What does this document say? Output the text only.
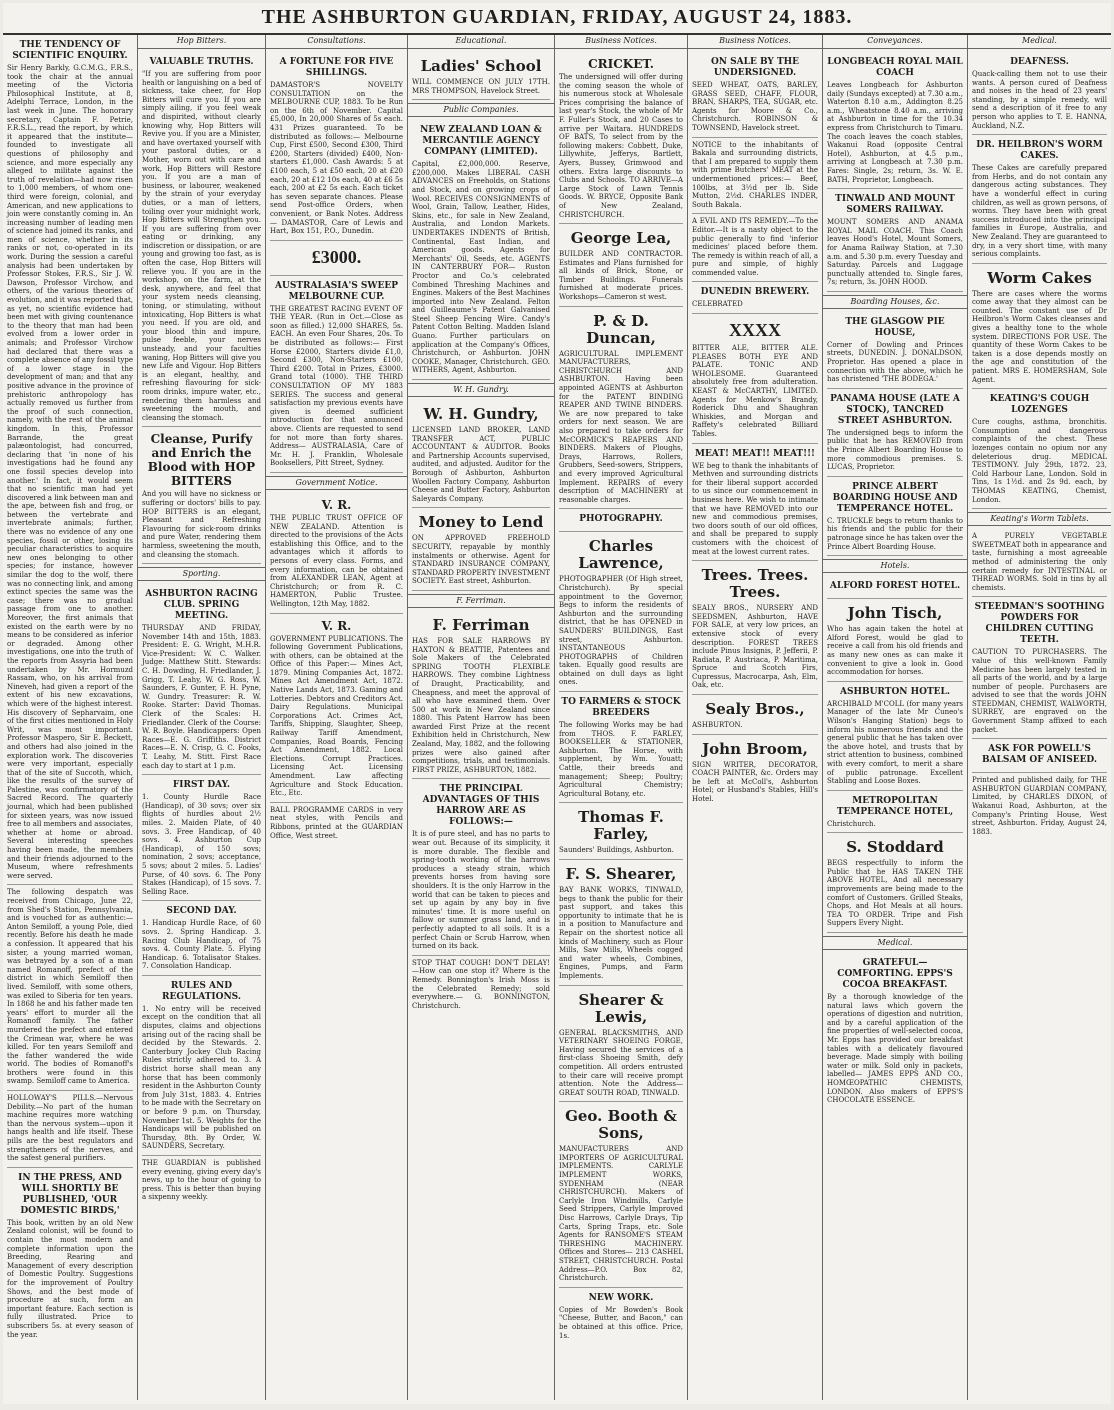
THE ASHBURTON GUARDIAN, FRIDAY, AUGUST 24, 1883.
THE TENDENCY OF SCIENTIFIC ENQUIRY.
Sir Henry Barkly, G.C.M.G., F.R.S., took the chair at the annual meeting of the Victoria Philosophical Institute, at 8, Adelphi Terrace, London, in the last week in June. The honorary secretary, Captain F. Petrie, F.R.S.L., read the report, by which it appeared that the institute—founded to investigate all questions of philosophy and science, and more especially any alleged to militate against the truth of revelation—had now risen to 1,000 members, of whom one-third were foreign, colonial, and American, and new applications to join were constantly coming in. An increasing number of leading men of science had joined its ranks, and men of science, whether in its ranks or not, co-operated in its work. During the session a careful analysis had been undertaken by Professor Stokes, F.R.S., Sir J. W. Dawson, Professor Virchow, and others, of the various theories of evolution, and it was reported that, as yet, no scientific evidence had been met with giving countenance to the theory that man had been evolved from a lower order in animals; and Professor Virchow had declared that there was a complete absence of any fossil type of a lower stage in the development of man; and that any positive advance in the province of prehistoric anthropology has actually removed us further from the proof of such connection, namely, with the rest of the animal kingdom. In this, Professor Barrande, the great palæontologist, had concurred, declaring that 'in none of his investigations had he found any one fossil species develop into another.' In fact, it would seem that no scientific man had yet discovered a link between man and the ape, between fish and frog, or between the vertebrate and invertebrate animals; further, there was no evidence of any one species, fossil or other, losing its peculiar characteristics to acquire new ones belonging to other species; for instance, however similar the dog to the wolf, there was no connecting link, and among extinct species the same was the case; there was no gradual passage from one to another. Moreover, the first animals that existed on the earth were by no means to be considered as inferior or degraded. Among other investigations, one into the truth of the reports from Assyria had been undertaken by Mr. Hormuzd Rassam, who, on his arrival from Nineveh, had given a report of the extent of his new excavations, which were of the highest interest. His discovery of Sepharvaim, one of the first cities mentioned in Holy Writ, was most important. Professor Maspero, Sir E. Beckett, and others had also joined in the exploration work. The discoveries were very important, especially that of the site of Succoth, which, like the results of the survey of Palestine, was confirmatory of the Sacred Record. The quarterly journal, which had been published for sixteen years, was now issued free to all members and associates, whether at home or abroad. Several interesting speeches having been made, the members and their friends adjourned to the Museum, where refreshments were served.
The following despatch was received from Chicago, June 22, from Shed's Station, Pennsylvania, and is vouched for as authentic:—Anton Semiloff, a young Pole, died recently. Before his death he made a confession. It appeared that his sister, a young married woman, was betrayed by a son of a man named Romanoff, prefect of the district in which Semiloff then lived. Semiloff, with some others, was exiled to Siberia for ten years. In 1868 he and his father made ten years' effort to murder all the Romanoff family. The father murdered the prefect and entered the Crimean war, where he was killed. For ten years Semiloff and the father wandered the wide world. The bodies of Romanoff's brothers were found in this swamp. Semiloff came to America.
HOLLOWAY'S PILLS.—Nervous Debility.—No part of the human machine requires more watching than the nervous system—upon it hangs health and life itself. These pills are the best regulators and strengtheners of the nerves, and the safest general purifiers.
IN THE PRESS, AND WILL SHORTLY BE PUBLISHED, 'OUR DOMESTIC BIRDS,'
This book, written by an old New Zealand colonist, will be found to contain the most modern and complete information upon the Breeding, Rearing and Management of every description of Domestic Poultry. Suggestions for the improvement of Poultry Shows, and the best mode of procedure at such, form an important feature. Each section is fully illustrated. Price to subscribers 5s. at every season of the year.
Hop Bitters.
VALUABLE TRUTHS.
"If you are suffering from poor health or languishing on a bed of sickness, take cheer, for Hop Bitters will cure you. If you are simply ailing, if you feel weak and dispirited, without clearly knowing why, Hop Bitters will Revive you. If you are a Minister, and have overtaxed yourself with your pastoral duties, or a Mother, worn out with care and work, Hop Bitters will Restore you. If you are a man of business, or labourer, weakened by the strain of your everyday duties, or a man of letters, toiling over your midnight work, Hop Bitters will Strengthen you. If you are suffering from over eating or drinking, any indiscretion or dissipation, or are young and growing too fast, as is often the case, Hop Bitters will relieve you. If you are in the workshop, on the farm, at the desk, anywhere, and feel that your system needs cleansing, toning, or stimulating, without intoxicating, Hop Bitters is what you need. If you are old, and your blood thin and impure, pulse feeble, your nerves unsteady, and your faculties waning, Hop Bitters will give you new Life and Vigour. Hop Bitters is an elegant, healthy, and refreshing flavouring for sick-room drinks, impure water, etc., rendering them harmless and sweetening the mouth, and cleansing the stomach.
Cleanse, Purify and Enrich the Blood with HOP BITTERS
And you will have no sickness or suffering or doctors' bills to pay. HOP BITTERS is an elegant, Pleasant and Refreshing Flavouring for sick-room drinks and pure Water, rendering them harmless, sweetening the mouth, and cleansing the stomach.
Sporting.
ASHBURTON RACING CLUB. SPRING MEETING.
THURSDAY AND FRIDAY, November 14th and 15th, 1883. President: E. G. Wright, M.H.R. Vice-President: W. C. Walker. Judge: Matthew Stitt. Stewards: C. H. Dowding, H. Friedlander, J. Grigg, T. Leahy, W. G. Ross, W. Saunders, F. Gunter, F. H. Pyne, W. Gundry. Treasurer: R. W. Rooke. Starter: David Thomas. Clerk of the Scales: H. Friedlander. Clerk of the Course: W. R. Boyle. Handicappers: Open Races—E. G. Griffiths. District Races—E. N. Crisp, G. C. Fooks, T. Leahy, M. Stitt. First Race each day to start at 1 p.m.
FIRST DAY.
1. County Hurdle Race (Handicap), of 30 sovs; over six flights of hurdles about 2½ miles. 2. Maiden Plate, of 40 sovs. 3. Free Handicap, of 40 sovs. 4. Ashburton Cup (Handicap), of 150 sovs; nomination, 2 sovs; acceptance, 5 sovs; about 2 miles. 5. Ladies' Purse, of 40 sovs. 6. The Pony Stakes (Handicap), of 15 sovs. 7. Selling Race.
SECOND DAY.
1. Handicap Hurdle Race, of 60 sovs. 2. Spring Handicap. 3. Racing Club Handicap, of 75 sovs. 4. County Plate. 5. Flying Handicap. 6. Totalisator Stakes. 7. Consolation Handicap.
RULES AND REGULATIONS.
1. No entry will be received except on the condition that all disputes, claims and objections arising out of the racing shall be decided by the Stewards. 2. Canterbury Jockey Club Racing Rules strictly adhered to. 3. A district horse shall mean any horse that has been commonly resident in the Ashburton County from July 31st, 1883. 4. Entries to be made with the Secretary on or before 9 p.m. on Thursday, November 1st. 5. Weights for the Handicaps will be published on Thursday, 8th. By Order, W. SAUNDERS, Secretary.
THE GUARDIAN is published every evening, giving every day's news, up to the hour of going to press. This is better than buying a sixpenny weekly.
Consultations.
A FORTUNE FOR FIVE SHILLINGS.
DAMASTOR'S NOVELTY CONSULTATION on the MELBOURNE CUP, 1883. To be Run on the 6th of November. Capital £5,000, In 20,000 Shares of 5s each. 431 Prizes guaranteed. To be distributed as follows:— Melbourne Cup, First £500, Second £300, Third £200, Starters (divided) £400, Non-starters £1,000. Cash Awards: 5 at £100 each, 5 at £50 each, 20 at £20 each, 20 at £12 10s each, 40 at £6 5s each, 200 at £2 5s each. Each ticket has seven separate chances. Please send Post-office Orders, when convenient, or Bank Notes. Address— DAMASTOR, Care of Lewis and Hart, Box 151, P.O., Dunedin.
£3000.
AUSTRALASIA'S SWEEP MELBOURNE CUP.
THE GREATEST RACING EVENT OF THE YEAR. (Run in Oct.—Close as soon as filled.) 12,000 SHARES, 5s. EACH. An even Four Shares, 20s. To be distributed as follows:— First Horse £2000, Starters divide £1,0, Second £300, Non-Starters £100, Third £200. Total in Prizes, £3000. Grand total (1000). THE THIRD CONSULTATION OF MY 1883 SERIES. The success and general satisfaction my previous events have given is deemed sufficient introduction for that announced above. Clients are requested to send for not more than forty shares. Address— AUSTRALASIA, Care of Mr. H. J. Franklin, Wholesale Booksellers, Pitt Street, Sydney.
Government Notice.
V. R.
THE PUBLIC TRUST OFFICE OF NEW ZEALAND. Attention is directed to the provisions of the Acts establishing this Office, and to the advantages which it affords to persons of every class. Forms, and every information, can be obtained from ALEXANDER LEAN, Agent at Christchurch; or from R. C. HAMERTON, Public Trustee. Wellington, 12th May, 1882.
V. R.
GOVERNMENT PUBLICATIONS. The following Government Publications, with others, can be obtained at the Office of this Paper:— Mines Act, 1879. Mining Companies Act, 1872. Mines Act Amendment Act, 1872. Native Lands Act, 1873. Gaming and Lotteries. Debtors and Creditors Act. Dairy Regulations. Municipal Corporations Act. Crimes Act, Tariffs, Shipping, Slaughter, Sheep, Railway Tariff Amendment, Companies, Road Boards, Fencing Act Amendment, 1882. Local Elections. Corrupt Practices. Licensing Act. Licensing Amendment. Law affecting Agriculture and Stock Education. Etc., Etc.
BALL PROGRAMME CARDS in very neat styles, with Pencils and Ribbons, printed at the GUARDIAN Office, West street.
Educational.
Ladies' School
WILL COMMENCE ON JULY 17TH. MRS THOMPSON, Havelock Street.
Public Companies.
NEW ZEALAND LOAN & MERCANTILE AGENCY COMPANY (LIMITED).
Capital, £2,000,000. Reserve, £200,000. Makes LIBERAL CASH ADVANCES on Freeholds, on Stations and Stock, and on growing crops of Wool. RECEIVES CONSIGNMENTS of Wool, Grain, Tallow, Leather, Hides, Skins, etc., for sale in New Zealand, Australia, and London Markets. UNDERTAKES INDENTS of British, Continental, East Indian, and American goods. Agents for Merchants' Oil, Seeds, etc. AGENTS IN CANTERBURY FOR— Ruston Proctor and Co.'s celebrated Combined Threshing Machines and Engines. Makers of the Best Machines imported into New Zealand. Felton and Guilleaume's Patent Galvanised Steel Sheep Fencing Wire. Candy's Patent Cotton Belting. Madden Island Guano. Further particulars on application at the Company's Offices, Christchurch, or Ashburton. JOHN COOKE, Manager, Christchurch. GEO. WITHERS, Agent, Ashburton.
W. H. Gundry.
W. H. Gundry,
LICENSED LAND BROKER, LAND TRANSFER ACT, PUBLIC ACCOUNTANT & AUDITOR. Books and Partnership Accounts supervised, audited, and adjusted. Auditor for the Borough of Ashburton, Ashburton Woollen Factory Company, Ashburton Cheese and Butter Factory, Ashburton Saleyards Company.
Money to Lend
ON APPROVED FREEHOLD SECURITY, repayable by monthly instalments or otherwise. Agent for STANDARD INSURANCE COMPANY, STANDARD PROPERTY INVESTMENT SOCIETY. East street, Ashburton.
F. Ferriman.
F. Ferriman
HAS FOR SALE HARROWS BY HAXTON & BEATTIE, Patentees and Sole Makers of the Celebrated SPRING TOOTH FLEXIBLE HARROWS. They combine Lightness of Draught, Practicability, and Cheapness, and meet the approval of all who have examined them. Over 500 at work in New Zealand since 1880. This Patent Harrow has been awarded First Prize at the recent Exhibition held in Christchurch, New Zealand, May, 1882, and the following prizes were also gained after competitions, trials, and testimonials. FIRST PRIZE, ASHBURTON, 1882.
THE PRINCIPAL ADVANTAGES OF THIS HARROW ARE AS FOLLOWS:—
It is of pure steel, and has no parts to wear out. Because of its simplicity, it is more durable. The flexible and spring-tooth working of the harrows produces a steady strain, which prevents horses from having sore shoulders. It is the only Harrow in the world that can be taken to pieces and set up again by any boy in five minutes' time. It is more useful on fallow or summer grass land, and is perfectly adapted to all soils. It is a perfect Chain or Scrub Harrow, when turned on its back.
STOP THAT COUGH! DON'T DELAY!—How can one stop it? Where is the Remedy. Bonnington's Irish Moss is the Celebrated Remedy; sold everywhere.— G. BONNINGTON, Christchurch.
Business Notices.
CRICKET.
The undersigned will offer during the coming season the whole of his numerous stock at Wholesale Prices comprising the balance of last year's Stock, the whole of Mr F. Fuller's Stock, and 20 Cases to arrive per Waitara. HUNDREDS OF BATS, To select from by the following makers: Cobbett, Duke, Lillywhite, Jefferys, Bartlett, Ayers, Bussey, Grimwood and others. Extra large discounts to Clubs and Schools. TO ARRIVE—A Large Stock of Lawn Tennis Goods. W. BRYCE, Opposite Bank of New Zealand, CHRISTCHURCH.
George Lea,
BUILDER AND CONTRACTOR. Estimates and Plans furnished for all kinds of Brick, Stone, or Timber Buildings. Funerals furnished at moderate prices. Workshops—Cameron st west.
P. & D. Duncan,
AGRICULTURAL IMPLEMENT MANUFACTURERS, CHRISTCHURCH AND ASHBURTON. Having been appointed AGENTS at Ashburton for the PATENT BINDING REAPER AND TWINE BINDERS. We are now prepared to take orders for next season. We are also prepared to take orders for McCORMICK'S REAPERS AND BINDERS. Makers of Ploughs, Drays, Harrows, Rollers, Grubbers, Seed-sowers, Strippers, and every improved Agricultural Implement. REPAIRS of every description of MACHINERY at reasonable charges.
PHOTOGRAPHY.
Charles Lawrence,
PHOTOGRAPHER (Of High street, Christchurch). By special appointment to the Governor, Begs to inform the residents of Ashburton and the surrounding district, that he has OPENED in SAUNDERS' BUILDINGS, East street, Ashburton. INSTANTANEOUS PHOTOGRAPHS of Children taken. Equally good results are obtained on dull days as light ones.
TO FARMERS & STOCK BREEDERS
The following Works may be had from THOS. F. FARLEY, BOOKSELLER & STATIONER, Ashburton. The Horse, with supplement, by Wm. Youatt; Cattle, their breeds and management; Sheep; Poultry; Agricultural Chemistry; Agricultural Botany, etc.
Thomas F. Farley,
Saunders' Buildings, Ashburton.
F. S. Shearer,
BAY BANK WORKS, TINWALD, begs to thank the public for their past support, and takes this opportunity to intimate that he is in a position to Manufacture and Repair on the shortest notice all kinds of Machinery, such as Flour Mills, Saw Mills, Wheels cogged and water wheels, Combines, Engines, Pumps, and Farm Implements.
Shearer & Lewis,
GENERAL BLACKSMITHS, AND VETERINARY SHOEING FORGE, Having secured the services of a first-class Shoeing Smith, defy competition. All orders entrusted to their care will receive prompt attention. Note the Address— GREAT SOUTH ROAD, TINWALD.
Geo. Booth & Sons,
MANUFACTURERS AND IMPORTERS OF AGRICULTURAL IMPLEMENTS. CARLYLE IMPLEMENT WORKS, SYDENHAM (NEAR CHRISTCHURCH). Makers of Carlyle Iron Windmills, Carlyle Seed Strippers, Carlyle Improved Disc Harrows, Carlyle Drays, Tip Carts, Spring Traps, etc. Sole Agents for RANSOME'S STEAM THRESHING MACHINERY. Offices and Stores— 213 CASHEL STREET, CHRISTCHURCH. Postal Address—P.O. Box 82, Christchurch.
NEW WORK.
Copies of Mr Bowden's Book "Cheese, Butter, and Bacon," can be obtained at this office. Price, 1s.
Business Notices.
ON SALE BY THE UNDERSIGNED.
SEED WHEAT, OATS, BARLEY, GRASS SEED, CHAFF, FLOUR, BRAN, SHARPS, TEA, SUGAR, etc. Agents for Moore & Co., Christchurch. ROBINSON & TOWNSEND, Havelock street.
NOTICE to the inhabitants of Bakala and surrounding districts, that I am prepared to supply them with prime Butchers' MEAT at the undermentioned prices:— Beef, 100lbs, at 3½d per lb. Side Mutton, 2½d. CHARLES INDER, South Bakala.
A EVIL AND ITS REMEDY.—To the Editor.—It is a nasty object to the public generally to find 'inferior medicines' placed before them. The remedy is within reach of all, a pure and simple, of highly commended value.
DUNEDIN BREWERY.
CELEBRATED
XXXX
BITTER ALE, BITTER ALE. PLEASES BOTH EYE AND PALATE. TONIC AND WHOLESOME. Guaranteed absolutely free from adulteration. KEAST & McCARTHY, LIMITED. Agents for Menkow's Brandy, Roderick Dhu and Shaughran Whiskies, and Morgan and Raffety's celebrated Billiard Tables.
MEAT! MEAT!! MEAT!!!
WE beg to thank the inhabitants of Methven and surrounding districts for their liberal support accorded to us since our commencement in business here. We wish to intimate that we have REMOVED into our new and commodious premises, two doors south of our old offices, and shall be prepared to supply customers with the choicest of meat at the lowest current rates.
Trees. Trees. Trees.
SEALY BROS., NURSERY AND SEEDSMEN, Ashburton, HAVE FOR SALE, at very low prices, an extensive stock of every description. FOREST TREES include Pinus Insignis, P. Jefferii, P. Radiata, P. Austriaca, P. Maritima, Spruce and Scotch Firs, Cupressus, Macrocarpa, Ash, Elm, Oak, etc.
Sealy Bros.,
ASHBURTON.
John Broom,
SIGN WRITER, DECORATOR, COACH PAINTER, &c. Orders may be left at McColl's, Ashburton Hotel; or Husband's Stables, Hill's Hotel.
Conveyances.
LONGBEACH ROYAL MAIL COACH
Leaves Longbeach for Ashburton daily (Sundays excepted) at 7.30 a.m., Waterton 8.10 a.m., Addington 8.25 a.m., Wheatstone 8.40 a.m., arriving at Ashburton in time for the 10.34 express from Christchurch to Timaru. The coach leaves the coach stables, Wakanui Road (opposite Central Hotel), Ashburton, at 4.5 p.m., arriving at Longbeach at 7.30 p.m. Fares: Single, 2s; return, 3s. W. E. BATH, Proprietor, Longbeach.
TINWALD AND MOUNT SOMERS RAILWAY.
MOUNT SOMERS AND ANAMA ROYAL MAIL COACH. This Coach leaves Hood's Hotel, Mount Somers, for Anama Railway Station, at 7.30 a.m. and 5.30 p.m. every Tuesday and Saturday. Parcels and Luggage punctually attended to. Single fares, 7s; return, 3s. JOHN HOOD.
Boarding Houses, &c.
THE GLASGOW PIE HOUSE,
Corner of Dowling and Princes streets, DUNEDIN. J. DONALDSON, Proprietor. Has opened a place in connection with the above, which he has christened 'THE BODEGA.'
PANAMA HOUSE (LATE A STOCK), TANCRED STREET ASHBURTON.
The undersigned begs to inform the public that he has REMOVED from the Prince Albert Boarding House to more commodious premises. S. LUCAS, Proprietor.
PRINCE ALBERT BOARDING HOUSE AND TEMPERANCE HOTEL.
C. TRUCKLE begs to return thanks to his friends and the public for their patronage since he has taken over the Prince Albert Boarding House.
Hotels.
ALFORD FOREST HOTEL.
John Tisch,
Who has again taken the hotel at Alford Forest, would be glad to receive a call from his old friends and as many new ones as can make it convenient to give a look in. Good accommodation for horses.
ASHBURTON HOTEL.
ARCHIBALD M'COLL (for many years Manager of the late Mr Cuneo's Wilson's Hanging Station) begs to inform his numerous friends and the general public that he has taken over the above hotel, and trusts that by strict attention to business, combined with every comfort, to merit a share of public patronage. Excellent Stabling and Loose Boxes.
METROPOLITAN TEMPERANCE HOTEL,
Christchurch.
S. Stoddard
BEGS respectfully to inform the Public that he HAS TAKEN THE ABOVE HOTEL, And all necessary improvements are being made to the comfort of Customers. Grilled Steaks, Chops, and Hot Meals at all hours. TEA TO ORDER. Tripe and Fish Suppers Every Night.
Medical.
GRATEFUL—COMFORTING. EPPS'S COCOA BREAKFAST.
By a thorough knowledge of the natural laws which govern the operations of digestion and nutrition, and by a careful application of the fine properties of well-selected cocoa, Mr. Epps has provided our breakfast tables with a delicately flavoured beverage. Made simply with boiling water or milk. Sold only in packets, labelled— JAMES EPPS AND CO., HOMŒOPATHIC CHEMISTS, LONDON. Also makers of EPPS'S CHOCOLATE ESSENCE.
Medical.
DEAFNESS.
Quack-calling them not to use their wants. A person cured of Deafness and noises in the head of 23 years' standing, by a simple remedy, will send a description of it free to any person who applies to T. E. HANNA, Auckland, N.Z.
DR. HEILBRON'S WORM CAKES.
These Cakes are carefully prepared from Herbs, and do not contain any dangerous acting substances. They have a wonderful effect in curing children, as well as grown persons, of worms. They have been with great success introduced into the principal families in Europe, Australia, and New Zealand. They are guaranteed to dry, in a very short time, with many serious complaints.
Worm Cakes
There are cases where the worms come away that they almost can be counted. The constant use of Dr Heilbron's Worm Cakes cleanses and gives a healthy tone to the whole system. DIRECTIONS FOR USE. The quantity of these Worm Cakes to be taken is a dose depends mostly on the age and constitution of the patient. MRS E. HOMERSHAM, Sole Agent.
KEATING'S COUGH LOZENGES
Cure coughs, asthma, bronchitis. Consumption and dangerous complaints of the chest. These lozenges contain no opium nor any deleterious drug. MEDICAL TESTIMONY. July 29th, 1872. 23, Cold Harbour Lane, London. Sold in Tins, 1s 1½d. and 2s 9d. each, by THOMAS KEATING, Chemist, London.
Keating's Worm Tablets.
A PURELY VEGETABLE SWEETMEAT both in appearance and taste, furnishing a most agreeable method of administering the only certain remedy for INTESTINAL or THREAD WORMS. Sold in tins by all chemists.
STEEDMAN'S SOOTHING POWDERS FOR CHILDREN CUTTING TEETH.
CAUTION TO PURCHASERS. The value of this well-known Family Medicine has been largely tested in all parts of the world, and by a large number of people. Purchasers are advised to see that the words JOHN STEEDMAN, CHEMIST, WALWORTH, SURREY, are engraved on the Government Stamp affixed to each packet.
ASK FOR POWELL'S BALSAM OF ANISEED.
Printed and published daily, for THE ASHBURTON GUARDIAN COMPANY, Limited, by CHARLES DIXON, of Wakanui Road, Ashburton, at the Company's Printing House, West street, Ashburton. Friday, August 24, 1883.
